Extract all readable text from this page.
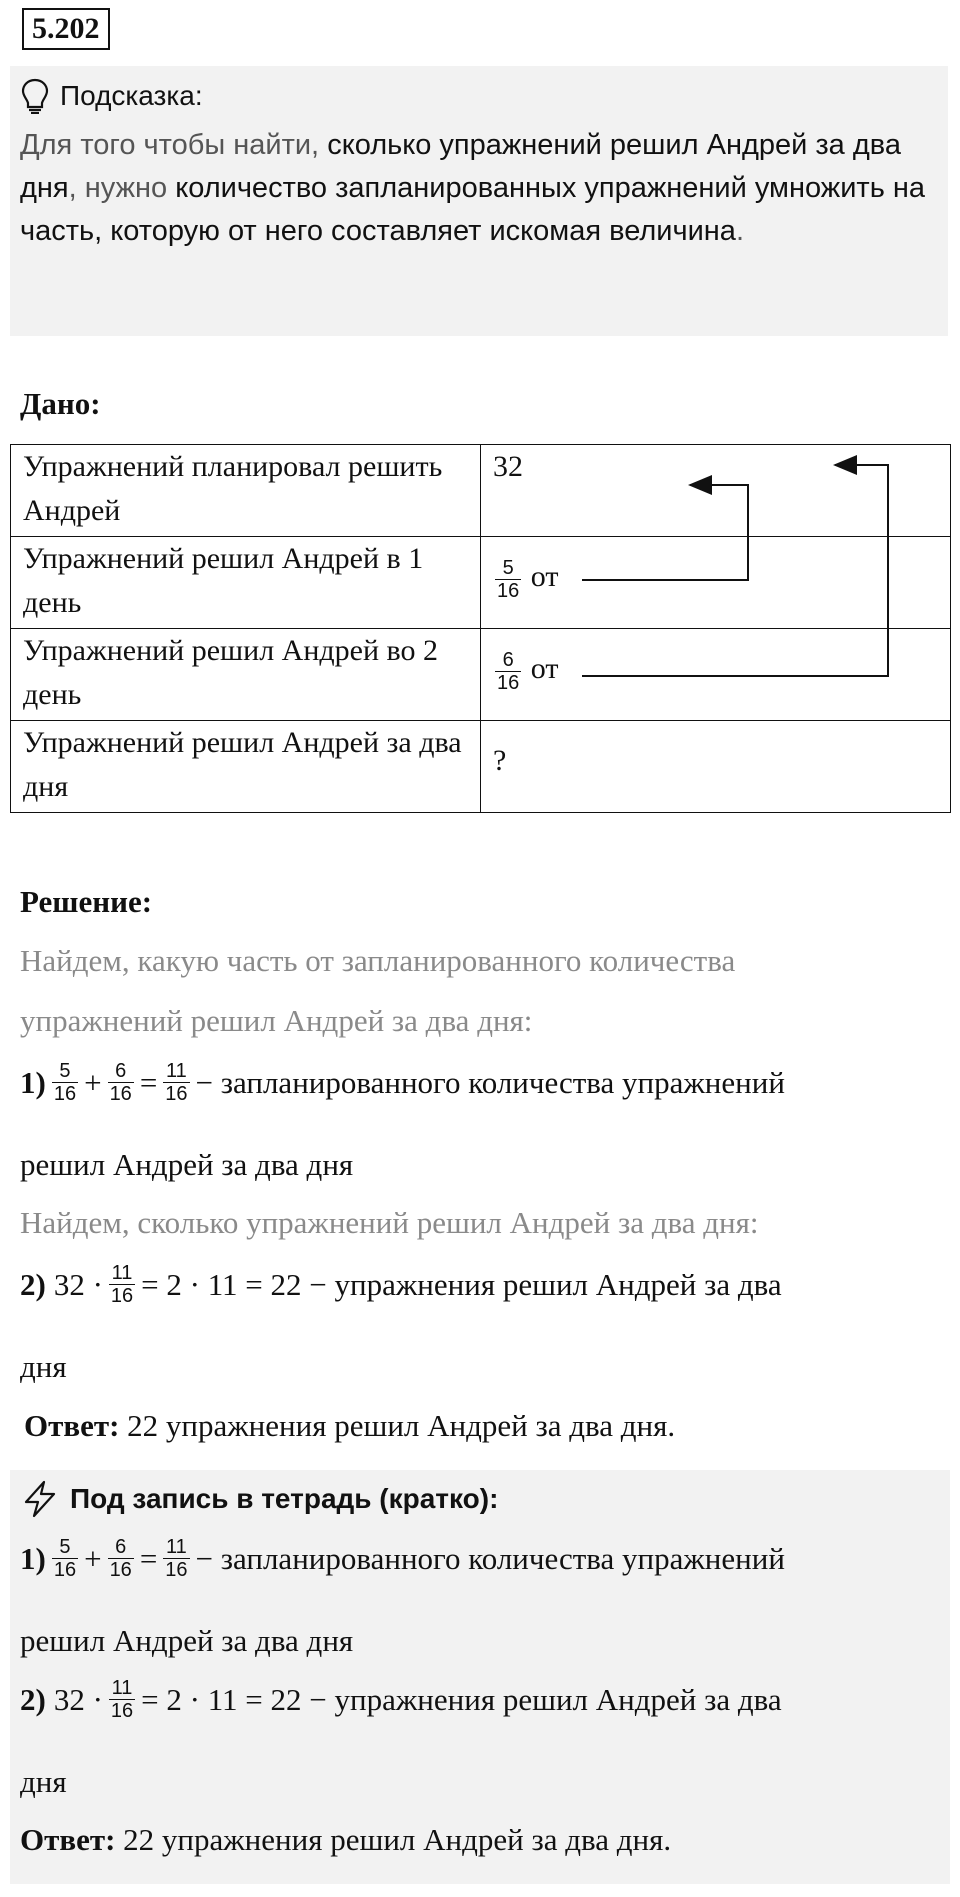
5.202
Подсказка:
Для того чтобы найти, сколько упражнений решил Андрей за два дня, нужно количество запланированных упражнений умножить на часть, которую от него составляет искомая величина.
Дано:
Упражнений планировал решить Андрей	32
Упражнений решил Андрей в 1 день	$\frac{5}{16}$ от
Упражнений решил Андрей во 2 день	$\frac{6}{16}$ от
Упражнений решил Андрей за два дня	?
Решение:
Найдем, какую часть от запланированного количества
упражнений решил Андрей за два дня:
$1) \frac{5}{16} + \frac{6}{16} = \frac{11}{16}$ − запланированного количества упражнений
решил Андрей за два дня
Найдем, сколько упражнений решил Андрей за два дня:
2) $32 \cdot \frac{11}{16} = 2 \cdot 11 = 22$ − упражнения решил Андрей за два
дня
Ответ: 22 упражнения решил Андрей за два дня.
Под запись в тетрадь (кратко):
$1) \frac{5}{16} + \frac{6}{16} = \frac{11}{16}$ − запланированного количества упражнений
решил Андрей за два дня
2) $32 \cdot \frac{11}{16} = 2 \cdot 11 = 22$ − упражнения решил Андрей за два
дня
Ответ: 22 упражнения решил Андрей за два дня.
